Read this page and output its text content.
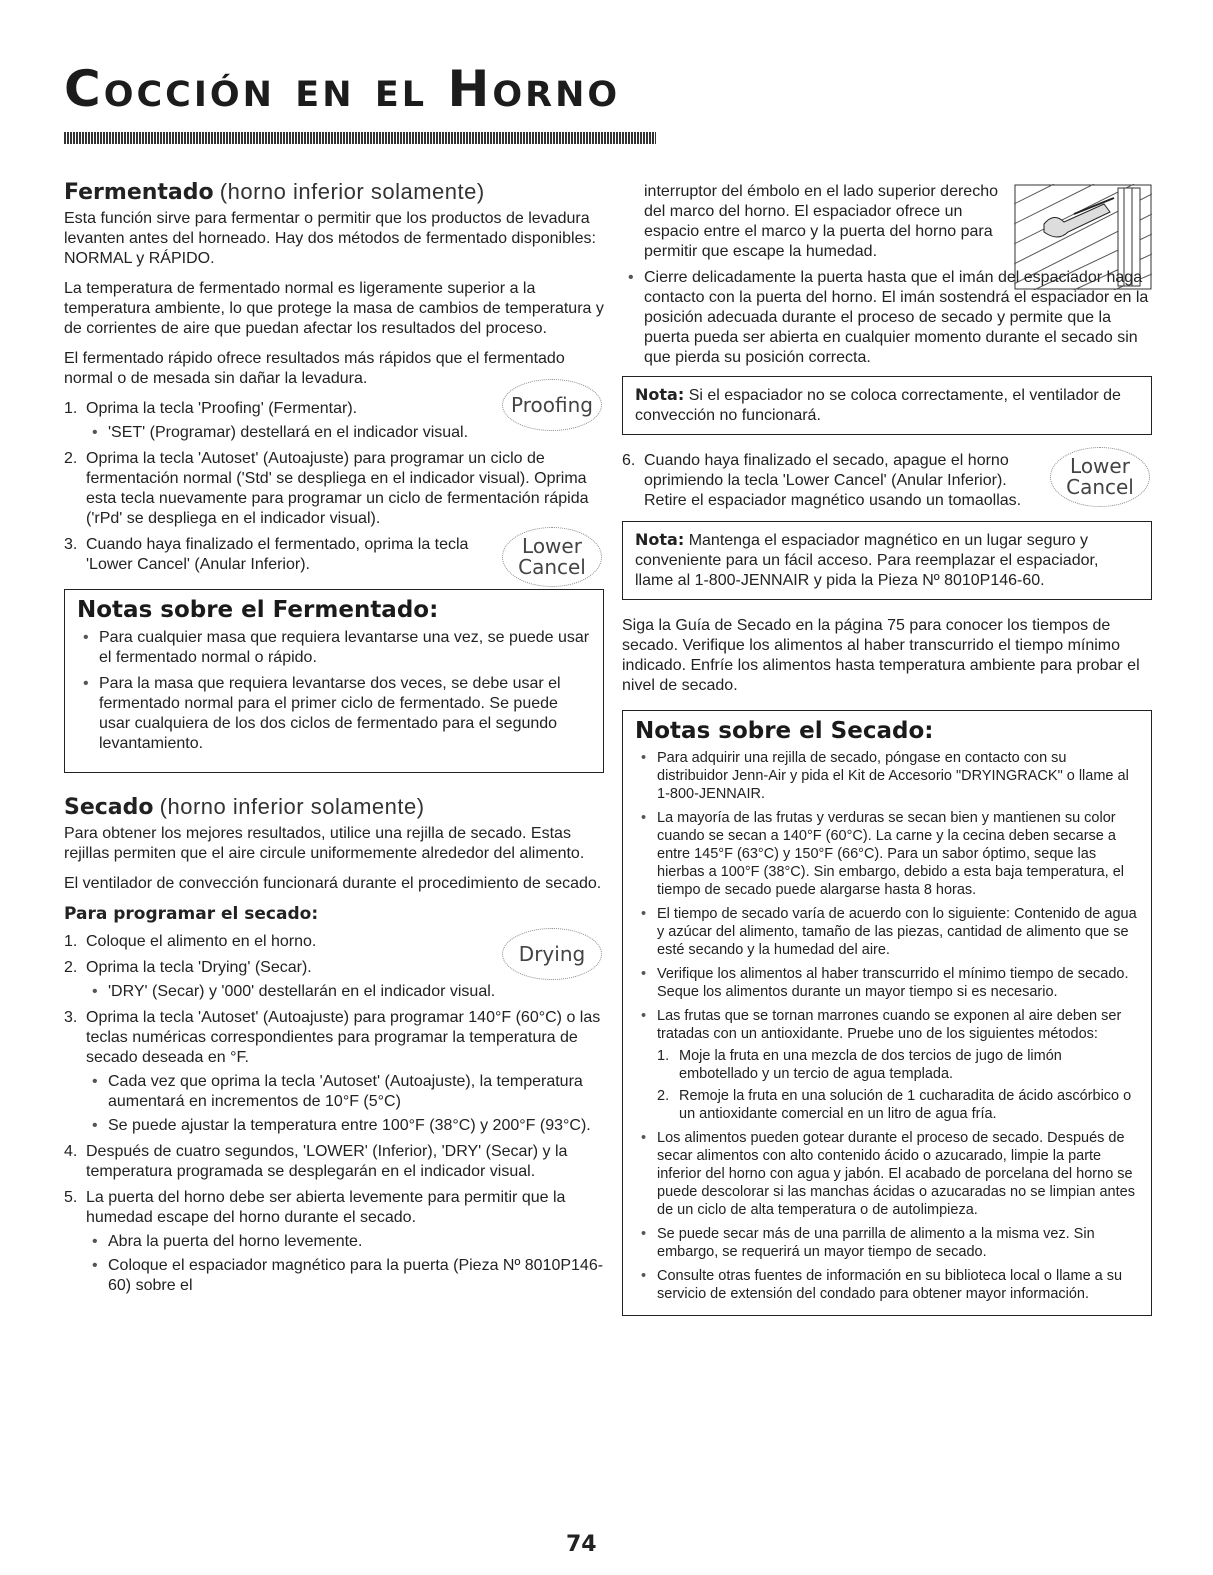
Cocción en el Horno
Fermentado (horno inferior solamente)

Esta función sirve para fermentar o permitir que los productos de levadura levanten antes del horneado. Hay dos métodos de fermentado disponibles: NORMAL y RÁPIDO.

La temperatura de fermentado normal es ligeramente superior a la temperatura ambiente, lo que protege la masa de cambios de temperatura y de corrientes de aire que puedan afectar los resultados del proceso.

El fermentado rápido ofrece resultados más rápidos que el fermentado normal o de mesada sin dañar la levadura.

1. Oprima la tecla 'Proofing' (Fermentar).
• 'SET' (Programar) destellará en el indicador visual.
Proofing
2. Oprima la tecla 'Autoset' (Autoajuste) para programar un ciclo de fermentación normal ('Std' se despliega en el indicador visual). Oprima esta tecla nuevamente para programar un ciclo de fermentación rápida ('rPd' se despliega en el indicador visual).
3. Cuando haya finalizado el fermentado, oprima la tecla 'Lower Cancel' (Anular Inferior).
Lower
Cancel
Notas sobre el Fermentado:
• Para cualquier masa que requiera levantarse una vez, se puede usar el fermentado normal o rápido.
• Para la masa que requiera levantarse dos veces, se debe usar el fermentado normal para el primer ciclo de fermentado. Se puede usar cualquiera de los dos ciclos de fermentado para el segundo levantamiento.
Secado (horno inferior solamente)

Para obtener los mejores resultados, utilice una rejilla de secado. Estas rejillas permiten que el aire circule uniformemente alrededor del alimento.

El ventilador de convección funcionará durante el procedimiento de secado.

Para programar el secado:
1. Coloque el alimento en el horno.	Drying
2. Oprima la tecla 'Drying' (Secar).
• 'DRY' (Secar) y '000' destellarán en el indicador visual.
3. Oprima la tecla 'Autoset' (Autoajuste) para programar 140°F (60°C) o las teclas numéricas correspondientes para programar la temperatura de secado deseada en °F.
• Cada vez que oprima la tecla 'Autoset' (Autoajuste), la temperatura aumentará en incrementos de 10°F (5°C)
• Se puede ajustar la temperatura entre 100°F (38°C) y 200°F (93°C).
4. Después de cuatro segundos, 'LOWER' (Inferior), 'DRY' (Secar) y la temperatura programada se desplegarán en el indicador visual.
5. La puerta del horno debe ser abierta levemente para permitir que la humedad escape del horno durante el secado.
• Abra la puerta del horno levemente.
• Coloque el espaciador magnético para la puerta (Pieza Nº 8010P146-60) sobre el

interruptor del émbolo en el lado superior derecho del marco del horno. El espaciador ofrece un espacio entre el marco y la puerta del horno para permitir que escape la humedad.

• Cierre delicadamente la puerta hasta que el imán del espaciador haga contacto con la puerta del horno. El imán sostendrá el espaciador en la posición adecuada durante el proceso de secado y permite que la puerta pueda ser abierta en cualquier momento durante el secado sin que pierda su posición correcta.
Nota: Si el espaciador no se coloca correctamente, el ventilador de convección no funcionará.
6. Cuando haya finalizado el secado, apague el horno oprimiendo la tecla 'Lower Cancel' (Anular Inferior). Retire el espaciador magnético usando un tomaollas.
Lower
Cancel
Nota: Mantenga el espaciador magnético en un lugar seguro y conveniente para un fácil acceso. Para reemplazar el espaciador, llame al 1-800-JENNAIR y pida la Pieza Nº 8010P146-60.

Siga la Guía de Secado en la página 75 para conocer los tiempos de secado. Verifique los alimentos al haber transcurrido el tiempo mínimo indicado. Enfríe los alimentos hasta temperatura ambiente para probar el nivel de secado.

Notas sobre el Secado:
• Para adquirir una rejilla de secado, póngase en contacto con su distribuidor Jenn-Air y pida el Kit de Accesorio "DRYINGRACK" o llame al 1-800-JENNAIR.
• La mayoría de las frutas y verduras se secan bien y mantienen su color cuando se secan a 140°F (60°C). La carne y la cecina deben secarse a entre 145°F (63°C) y 150°F (66°C). Para un sabor óptimo, seque las hierbas a 100°F (38°C). Sin embargo, debido a esta baja temperatura, el tiempo de secado puede alargarse hasta 8 horas.
• El tiempo de secado varía de acuerdo con lo siguiente: Contenido de agua y azúcar del alimento, tamaño de las piezas, cantidad de alimento que se esté secando y la humedad del aire.
• Verifique los alimentos al haber transcurrido el mínimo tiempo de secado. Seque los alimentos durante un mayor tiempo si es necesario.
• Las frutas que se tornan marrones cuando se exponen al aire deben ser tratadas con un antioxidante. Pruebe uno de los siguientes métodos:
1. Moje la fruta en una mezcla de dos tercios de jugo de limón embotellado y un tercio de agua templada.
2. Remoje la fruta en una solución de 1 cucharadita de ácido ascórbico o un antioxidante comercial en un litro de agua fría.
• Los alimentos pueden gotear durante el proceso de secado. Después de secar alimentos con alto contenido ácido o azucarado, limpie la parte inferior del horno con agua y jabón. El acabado de porcelana del horno se puede descolorar si las manchas ácidas o azucaradas no se limpian antes de un ciclo de alta temperatura o de autolimpieza.
• Se puede secar más de una parrilla de alimento a la misma vez. Sin embargo, se requerirá un mayor tiempo de secado.
• Consulte otras fuentes de información en su biblioteca local o llame a su servicio de extensión del condado para obtener mayor información.
74
